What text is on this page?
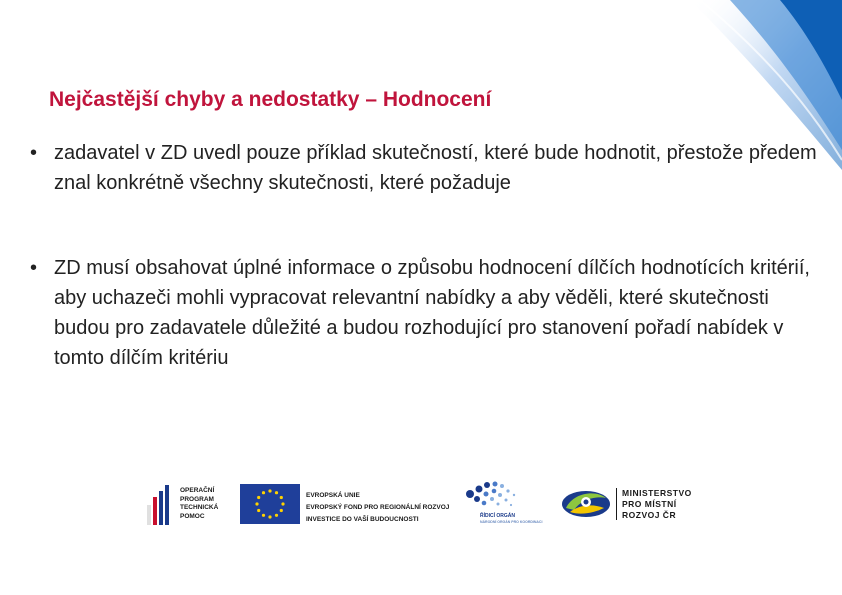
Nejčastější chyby a nedostatky – Hodnocení
• zadavatel v ZD uvedl pouze příklad skutečností, které bude hodnotit, přestože předem znal konkrétně všechny skutečnosti, které požaduje
• ZD musí obsahovat úplné informace o způsobu hodnocení dílčích hodnotících kritérií, aby uchazeči mohli vypracovat relevantní nabídky a aby věděli, které skutečnosti budou pro zadavatele důležité a budou rozhodující pro stanovení pořadí nabídek v tomto dílčím kritériu
OPERAČNÍ
PROGRAM
TECHNICKÁ
POMOC
EVROPSKÁ UNIE
EVROPSKÝ FOND PRO REGIONÁLNÍ ROZVOJ
INVESTICE DO VAŠÍ BUDOUCNOSTI	ŘÍDICÍ ORGÁN
NÁRODNÍ ORGÁN PRO KOORDINACI
MINISTERSTVO
PRO MÍSTNÍ
ROZVOJ ČR
